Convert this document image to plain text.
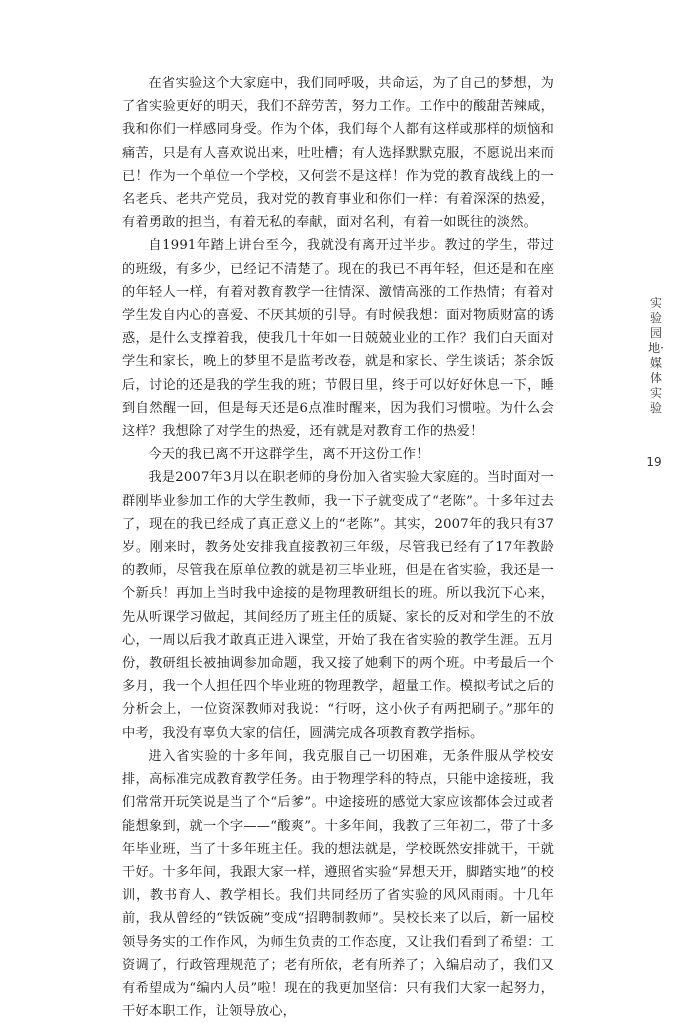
在省实验这个大家庭中，我们同呼吸，共命运，为了自己的梦想，为了省实验更好的明天，我们不辞劳苦，努力工作。工作中的酸甜苦辣咸，我和你们一样感同身受。作为个体，我们每个人都有这样或那样的烦恼和痛苦，只是有人喜欢说出来，吐吐槽；有人选择默默克服，不愿说出来而已！作为一个单位一个学校，又何尝不是这样！作为党的教育战线上的一名老兵、老共产党员，我对党的教育事业和你们一样：有着深深的热爱，有着勇敢的担当，有着无私的奉献，面对名利，有着一如既往的淡然。

自1991年踏上讲台至今，我就没有离开过半步。教过的学生，带过的班级，有多少，已经记不清楚了。现在的我已不再年轻，但还是和在座的年轻人一样，有着对教育教学一往情深、激情高涨的工作热情；有着对学生发自内心的喜爱、不厌其烦的引导。有时候我想：面对物质财富的诱惑，是什么支撑着我，使我几十年如一日兢兢业业的工作？我们白天面对学生和家长，晚上的梦里不是监考改卷，就是和家长、学生谈话；茶余饭后，讨论的还是我的学生我的班；节假日里，终于可以好好休息一下，睡到自然醒一回，但是每天还是6点准时醒来，因为我们习惯啦。为什么会这样？我想除了对学生的热爱，还有就是对教育工作的热爱！

今天的我已离不开这群学生，离不开这份工作！

我是2007年3月以在职老师的身份加入省实验大家庭的。当时面对一群刚毕业参加工作的大学生教师，我一下子就变成了“老陈”。十多年过去了，现在的我已经成了真正意义上的“老陈”。其实，2007年的我只有37岁。刚来时，教务处安排我直接教初三年级，尽管我已经有了17年教龄的教师，尽管我在原单位教的就是初三毕业班，但是在省实验，我还是一个新兵！再加上当时我中途接的是物理教研组长的班。所以我沉下心来，先从听课学习做起，其间经历了班主任的质疑、家长的反对和学生的不放心，一周以后我才敢真正进入课堂，开始了我在省实验的教学生涯。五月份，教研组长被抽调参加命题，我又接了她剩下的两个班。中考最后一个多月，我一个人担任四个毕业班的物理教学，超量工作。模拟考试之后的分析会上，一位资深教师对我说：“行呀，这小伙子有两把刷子。”那年的中考，我没有辜负大家的信任，圆满完成各项教育教学指标。

进入省实验的十多年间，我克服自己一切困难，无条件服从学校安排，高标准完成教育教学任务。由于物理学科的特点，只能中途接班，我们常常开玩笑说是当了个“后爹”。中途接班的感觉大家应该都体会过或者能想象到，就一个字——“酸爽”。十多年间，我教了三年初二，带了十多年毕业班，当了十多年班主任。我的想法就是，学校既然安排就干，干就干好。十多年间，我跟大家一样，遵照省实验“昇想天开，脚踏实地”的校训，教书育人、教学相长。我们共同经历了省实验的风风雨雨。十几年前，我从曾经的“铁饭碗”变成“招聘制教师”。吴校长来了以后，新一届校领导务实的工作作风，为师生负责的工作态度，又让我们看到了希望：工资调了，行政管理规范了；老有所依，老有所养了；入编启动了，我们又有希望成为“编内人员”啦！现在的我更加坚信：只有我们大家一起努力，干好本职工作，让领导放心，

实验园地·媒体实验
19
